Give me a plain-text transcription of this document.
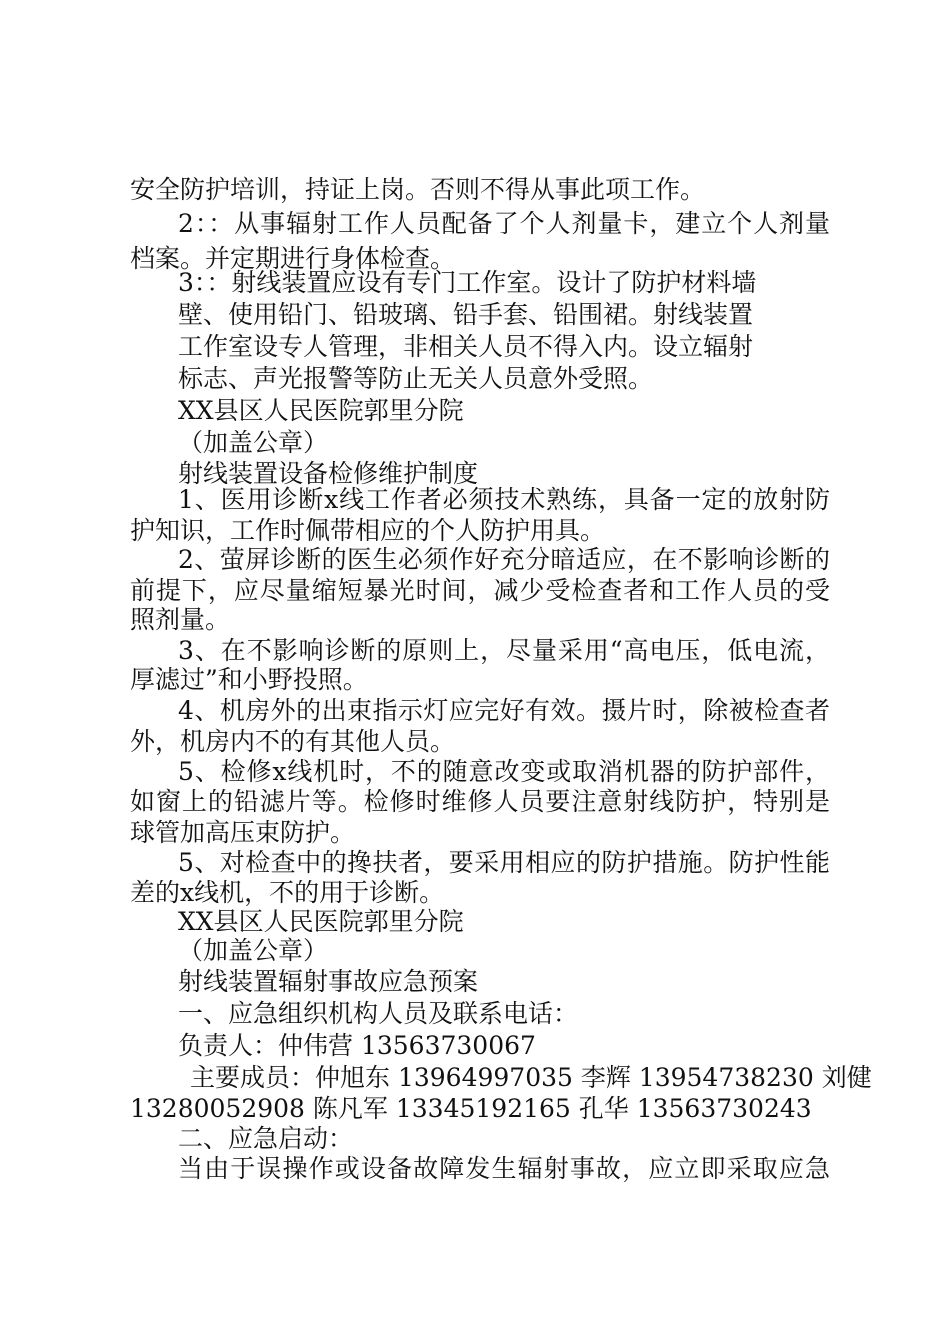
安全防护培训，持证上岗。否则不得从事此项工作。
2：：从事辐射工作人员配备了个人剂量卡，建立个人剂量
档案。并定期进行身体检查。
3：：射线装置应设有专门工作室。设计了防护材料墙
壁、使用铅门、铅玻璃、铅手套、铅围裙。射线装置
工作室设专人管理，非相关人员不得入内。设立辐射
标志、声光报警等防止无关人员意外受照。
XX县区人民医院郭里分院
（加盖公章）
射线装置设备检修维护制度
1、医用诊断x线工作者必须技术熟练，具备一定的放射防
护知识，工作时佩带相应的个人防护用具。
2、萤屏诊断的医生必须作好充分暗适应，在不影响诊断的
前提下，应尽量缩短暴光时间，减少受检查者和工作人员的受
照剂量。
3、在不影响诊断的原则上，尽量采用“高电压，低电流，
厚滤过”和小野投照。
4、机房外的出束指示灯应完好有效。摄片时，除被检查者
外，机房内不的有其他人员。
5、检修x线机时，不的随意改变或取消机器的防护部件，
如窗上的铅滤片等。检修时维修人员要注意射线防护，特别是
球管加高压束防护。
5、对检查中的搀扶者，要采用相应的防护措施。防护性能
差的x线机，不的用于诊断。
XX县区人民医院郭里分院
（加盖公章）
射线装置辐射事故应急预案
一、应急组织机构人员及联系电话：
负责人：仲伟营 13563730067
主要成员：仲旭东 13964997035 李辉 13954738230 刘健
13280052908 陈凡军 13345192165 孔华 13563730243
二、应急启动：
当由于误操作或设备故障发生辐射事故，应立即采取应急
